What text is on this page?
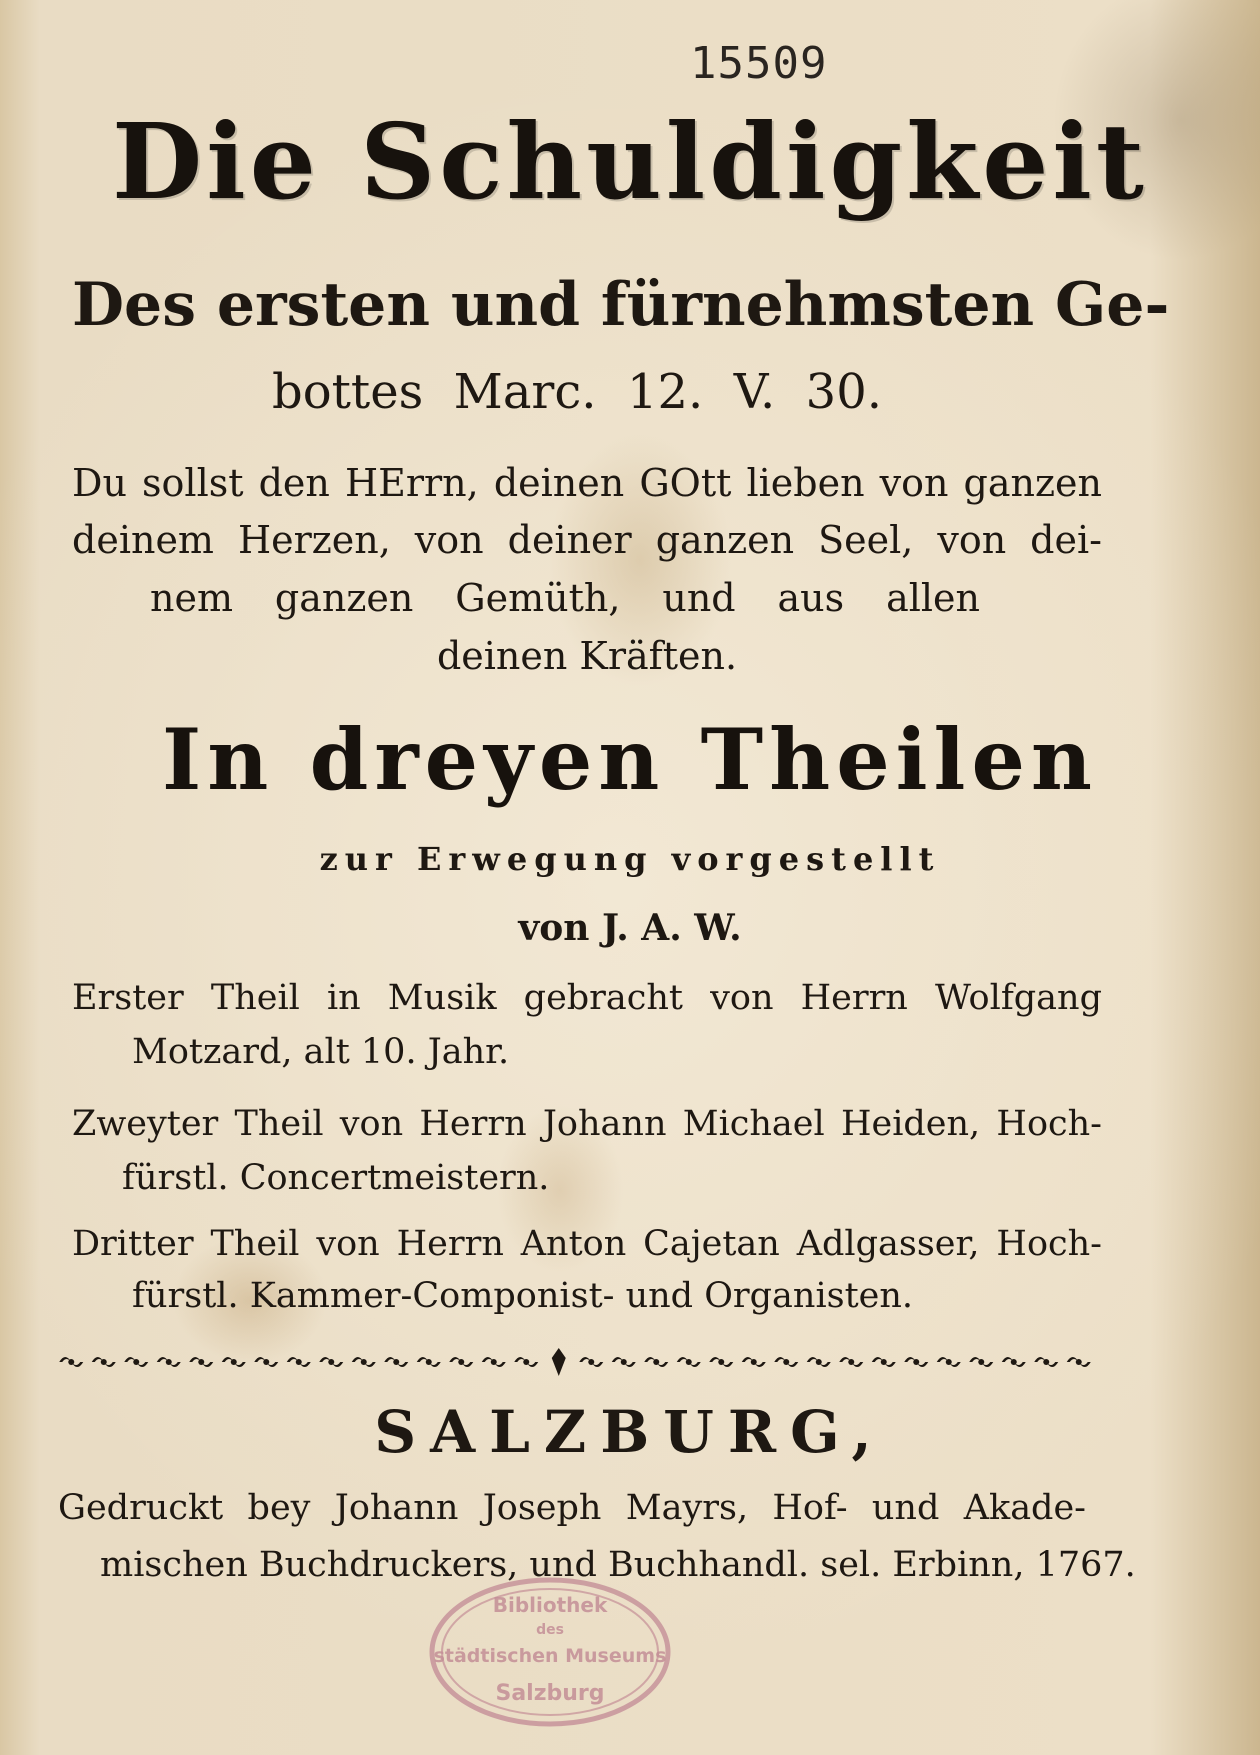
15509

Die Schuldigkeit

Des ersten und fürnehmsten Ge-

bottes Marc. 12. V. 30.

Du sollst den HErrn, deinen GOtt lieben von ganzen

deinem Herzen, von deiner ganzen Seel, von dei-

nem ganzen Gemüth, und aus allen

deinen Kräften.

In dreyen Theilen

zur Erwegung vorgestellt

von J. A. W.

Erster Theil in Musik gebracht von Herrn Wolfgang

Motzard, alt 10. Jahr.

Zweyter Theil von Herrn Johann Michael Heiden, Hoch-

fürstl. Concertmeistern.

Dritter Theil von Herrn Anton Cajetan Adlgasser, Hoch-

fürstl. Kammer-Componist- und Organisten.

SALZBURG,

Gedruckt bey Johann Joseph Mayrs, Hof- und Akade-

mischen Buchdruckers, und Buchhandl. sel. Erbinn, 1767.

Bibliothek
des
städtischen Museums
Salzburg
